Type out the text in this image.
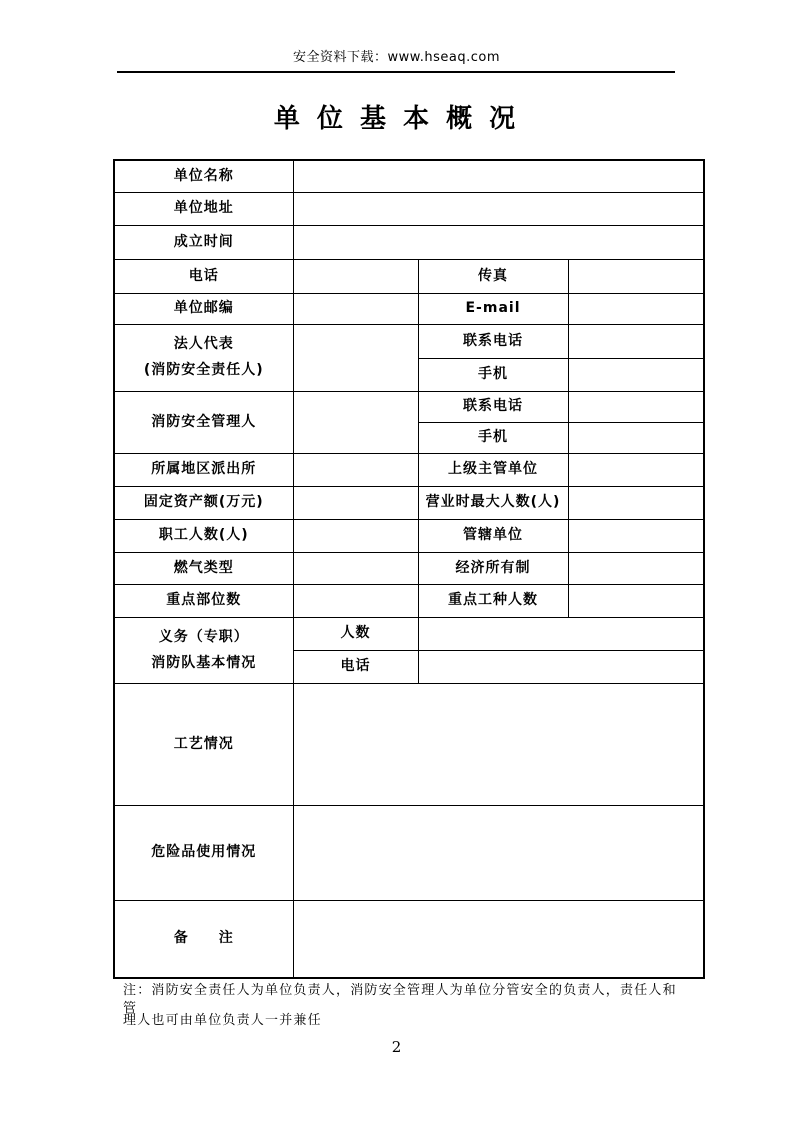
安全资料下载：www.hseaq.com
单 位 基 本 概 况
单位名称			
单位地址			
成立时间			
电话		传真	
单位邮编		E-mail	
法人代表
(消防安全责任人)		联系电话	
		手机	
消防安全管理人		联系电话	
		手机	
所属地区派出所		上级主管单位	
固定资产额(万元)		营业时最大人数(人)	
职工人数(人)		管辖单位	
燃气类型		经济所有制	
重点部位数		重点工种人数	
义务（专职）
消防队基本情况	人数		
	电话		
工艺情况			
危险品使用情况			
备　　注			
注：消防安全责任人为单位负责人，消防安全管理人为单位分管安全的负责人，责任人和管
理人也可由单位负责人一并兼任
2
